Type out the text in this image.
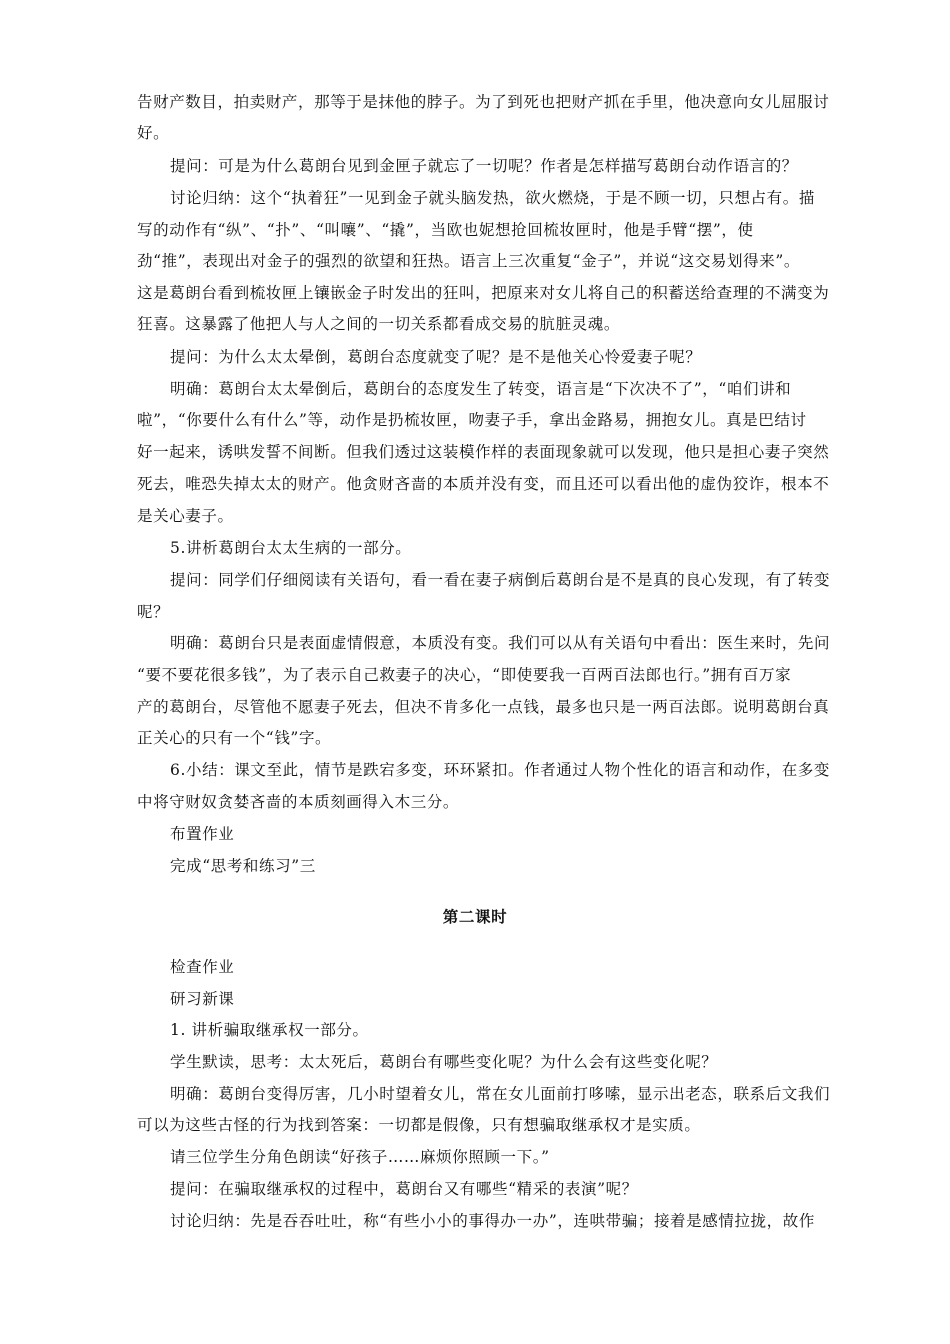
告财产数目，拍卖财产，那等于是抹他的脖子。为了到死也把财产抓在手里，他决意向女儿屈服讨

好。

提问：可是为什么葛朗台见到金匣子就忘了一切呢？作者是怎样描写葛朗台动作语言的？

讨论归纳：这个“执着狂”一见到金子就头脑发热，欲火燃烧，于是不顾一切，只想占有。描

写的动作有“纵”、“扑”、“叫嚷”、“撬”，当欧也妮想抢回梳妆匣时，他是手臂“摆”，使

劲“推”，表现出对金子的强烈的欲望和狂热。语言上三次重复“金子”，并说“这交易划得来”。

这是葛朗台看到梳妆匣上镶嵌金子时发出的狂叫，把原来对女儿将自己的积蓄送给查理的不满变为

狂喜。这暴露了他把人与人之间的一切关系都看成交易的肮脏灵魂。

提问：为什么太太晕倒，葛朗台态度就变了呢？是不是他关心怜爱妻子呢？

明确：葛朗台太太晕倒后，葛朗台的态度发生了转变，语言是“下次决不了”，“咱们讲和

啦”，“你要什么有什么”等，动作是扔梳妆匣，吻妻子手，拿出金路易，拥抱女儿。真是巴结讨

好一起来，诱哄发誓不间断。但我们透过这装模作样的表面现象就可以发现，他只是担心妻子突然

死去，唯恐失掉太太的财产。他贪财吝啬的本质并没有变，而且还可以看出他的虚伪狡诈，根本不

是关心妻子。

5.讲析葛朗台太太生病的一部分。

提问：同学们仔细阅读有关语句，看一看在妻子病倒后葛朗台是不是真的良心发现，有了转变

呢？

明确：葛朗台只是表面虚情假意，本质没有变。我们可以从有关语句中看出：医生来时，先问

“要不要花很多钱”，为了表示自己救妻子的决心，“即使要我一百两百法郎也行。”拥有百万家

产的葛朗台，尽管他不愿妻子死去，但决不肯多化一点钱，最多也只是一两百法郎。说明葛朗台真

正关心的只有一个“钱”字。

6.小结：课文至此，情节是跌宕多变，环环紧扣。作者通过人物个性化的语言和动作，在多变

中将守财奴贪婪吝啬的本质刻画得入木三分。

布置作业

完成“思考和练习”三

第二课时

检查作业

研习新课

1. 讲析骗取继承权一部分。

学生默读，思考：太太死后，葛朗台有哪些变化呢？为什么会有这些变化呢？

明确：葛朗台变得厉害，几小时望着女儿，常在女儿面前打哆嗦，显示出老态，联系后文我们

可以为这些古怪的行为找到答案：一切都是假像，只有想骗取继承权才是实质。

请三位学生分角色朗读“好孩子……麻烦你照顾一下。”

提问：在骗取继承权的过程中，葛朗台又有哪些“精采的表演”呢？

讨论归纳：先是吞吞吐吐，称“有些小小的事得办一办”，连哄带骗；接着是感情拉拢，故作
